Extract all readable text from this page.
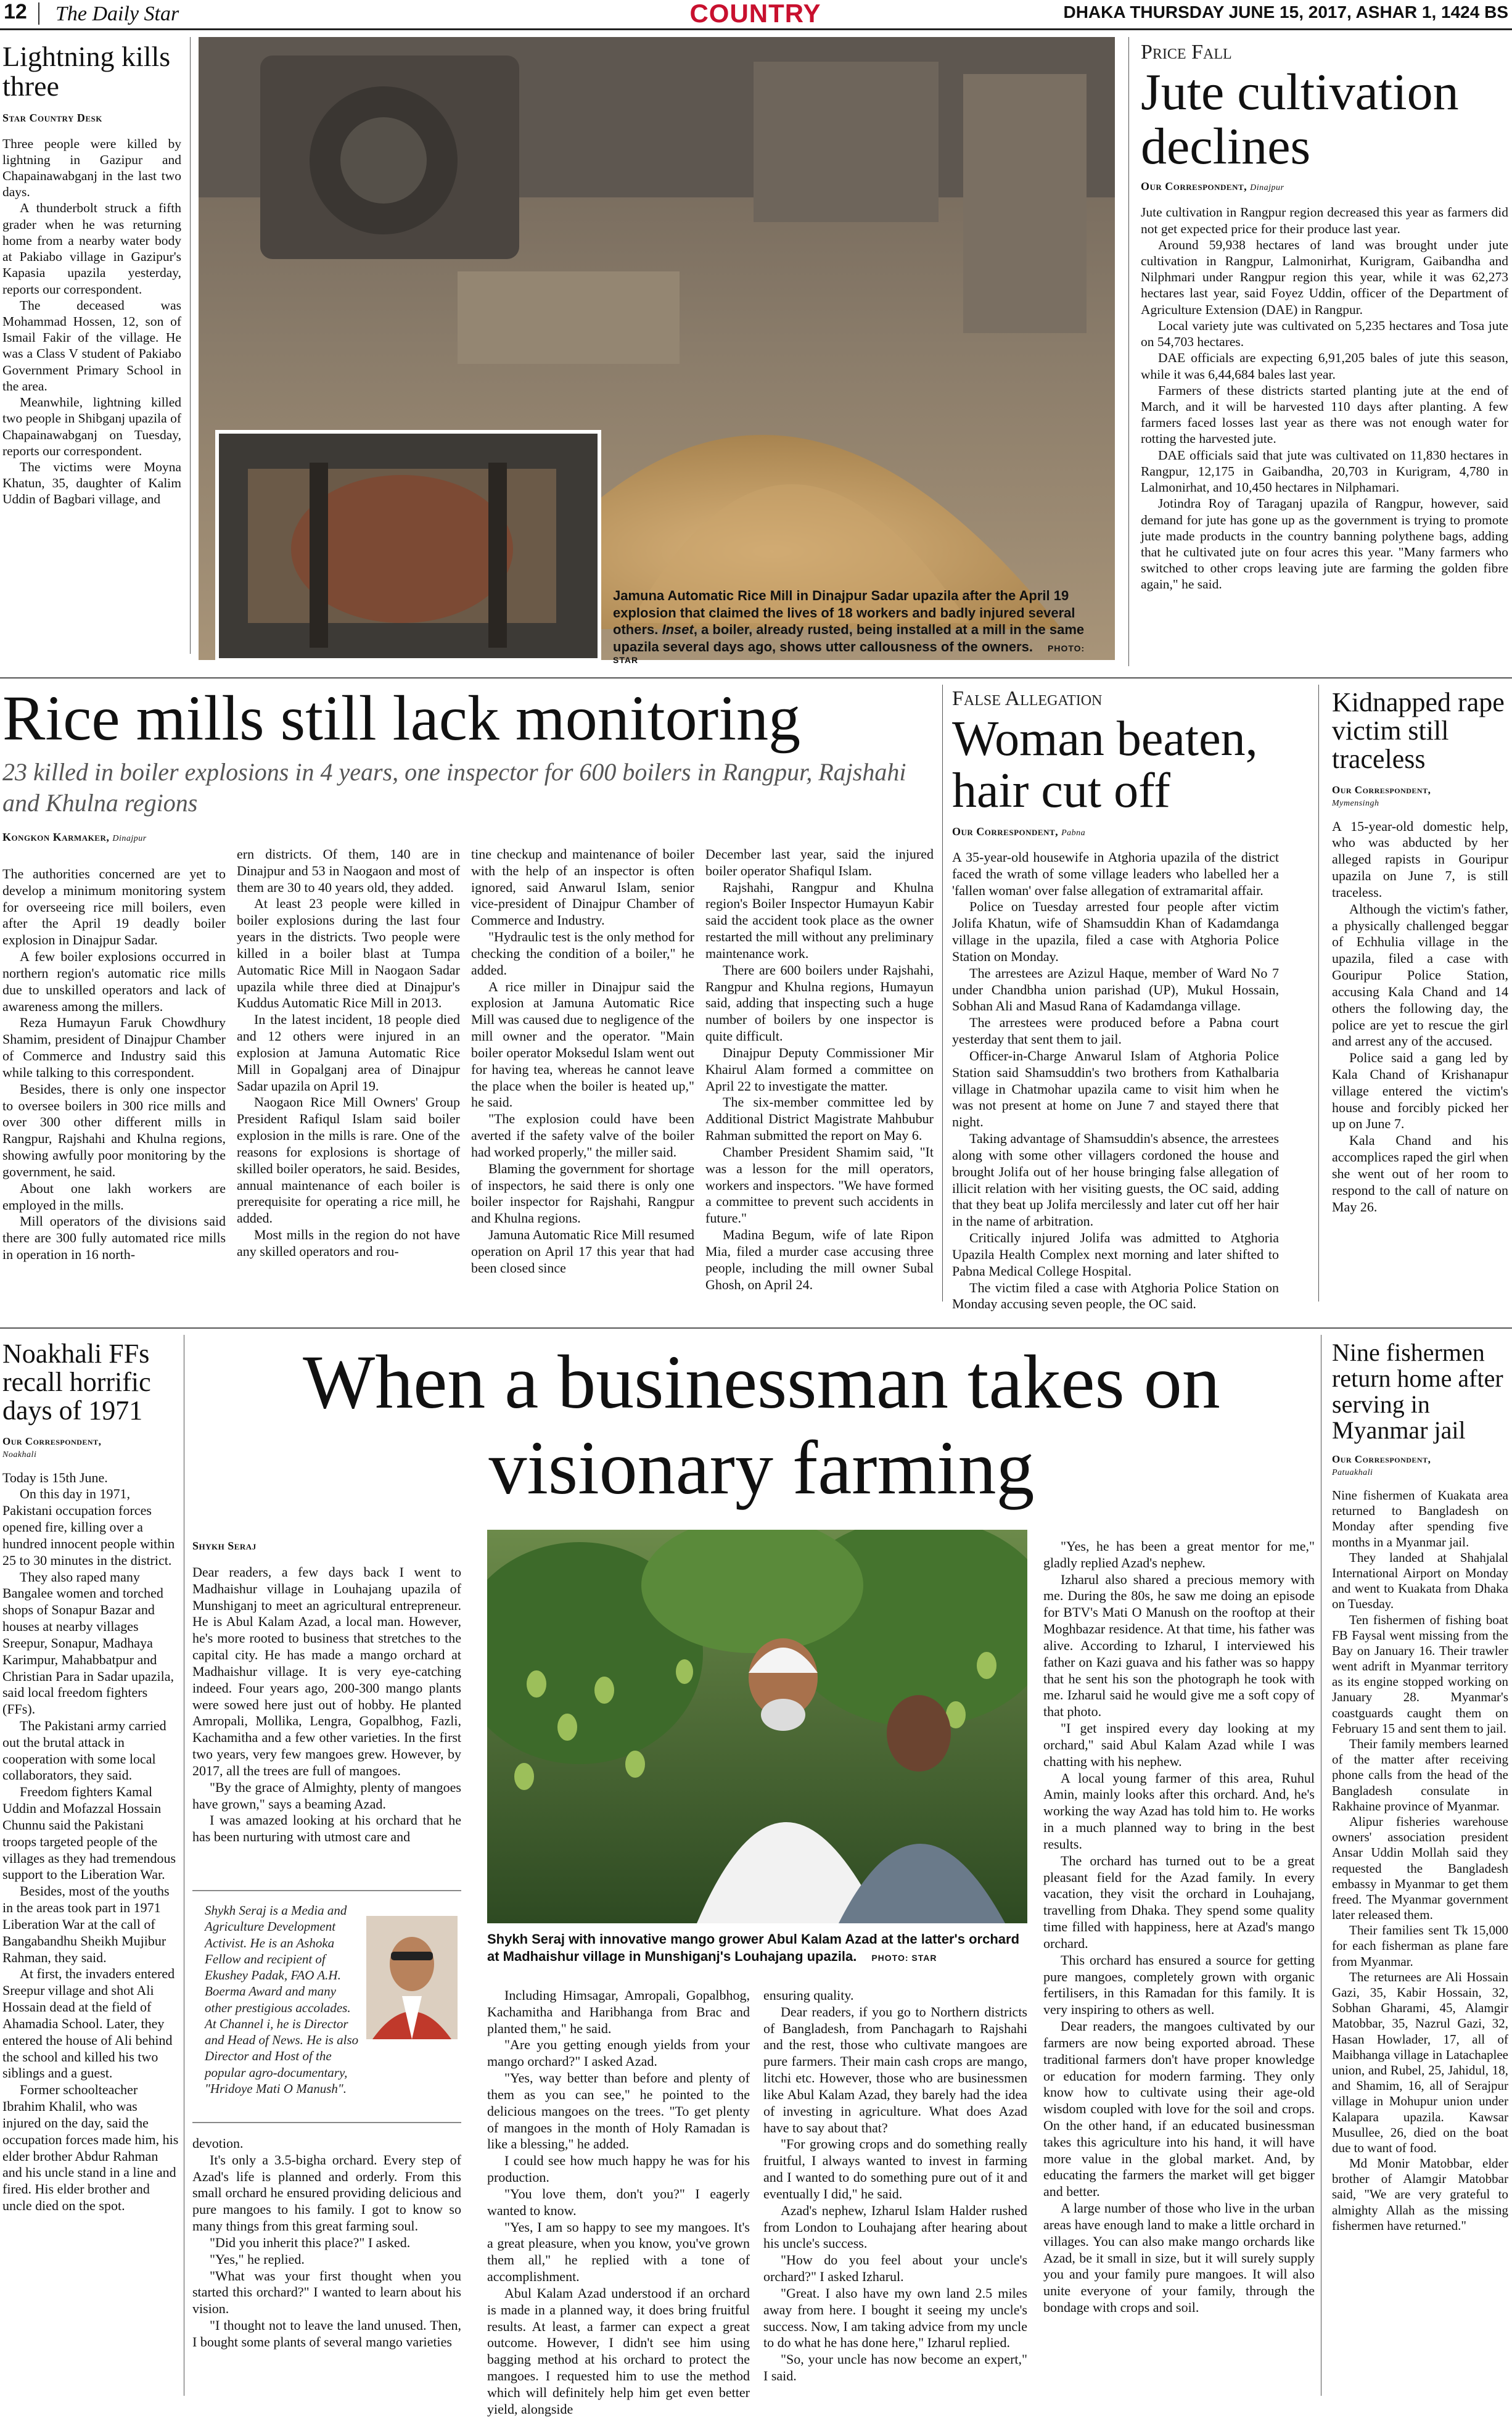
12 The Daily Star	COUNTRY	DHAKA THURSDAY JUNE 15, 2017, ASHAR 1, 1424 BS
Lightning kills three
Star Country Desk

Three people were killed by lightning in Gazipur and Chapainawabganj in the last two days.

A thunderbolt struck a fifth grader when he was returning home from a nearby water body at Pakiabo village in Gazipur's Kapasia upazila yesterday, reports our correspondent.

The deceased was Mohammad Hossen, 12, son of Ismail Fakir of the village. He was a Class V student of Pakiabo Government Primary School in the area.

Meanwhile, lightning killed two people in Shibganj upazila of Chapainawabganj on Tuesday, reports our correspondent.

The victims were Moyna Khatun, 35, daughter of Kalim Uddin of Bagbari village, and

Jamuna Automatic Rice Mill in Dinajpur Sadar upazila after the April 19 explosion that claimed the lives of 18 workers and badly injured several others. Inset, a boiler, already rusted, being installed at a mill in the same upazila several days ago, shows utter callousness of the owners. PHOTO: STAR
Price Fall
Jute cultivation declines
Our Correspondent, Dinajpur

Jute cultivation in Rangpur region decreased this year as farmers did not get expected price for their produce last year.

Around 59,938 hectares of land was brought under jute cultivation in Rangpur, Lalmonirhat, Kurigram, Gaibandha and Nilphmari under Rangpur region this year, while it was 62,273 hectares last year, said Foyez Uddin, officer of the Department of Agriculture Extension (DAE) in Rangpur.

Local variety jute was cultivated on 5,235 hectares and Tosa jute on 54,703 hectares.

DAE officials are expecting 6,91,205 bales of jute this season, while it was 6,44,684 bales last year.

Farmers of these districts started planting jute at the end of March, and it will be harvested 110 days after planting. A few farmers faced losses last year as there was not enough water for rotting the harvested jute.

DAE officials said that jute was cultivated on 11,830 hectares in Rangpur, 12,175 in Gaibandha, 20,703 in Kurigram, 4,780 in Lalmonirhat, and 10,450 hectares in Nilphamari.

Jotindra Roy of Taraganj upazila of Rangpur, however, said demand for jute has gone up as the government is trying to promote jute made products in the country banning polythene bags, adding that he cultivated jute on four acres this year. "Many farmers who switched to other crops leaving jute are farming the golden fibre again," he said.

Rice mills still lack monitoring
23 killed in boiler explosions in 4 years, one inspector for 600 boilers in Rangpur, Rajshahi and Khulna regions
Kongkon Karmaker, Dinajpur

The authorities concerned are yet to develop a minimum monitoring system for overseeing rice mill boilers, even after the April 19 deadly boiler explosion in Dinajpur Sadar.

A few boiler explosions occurred in northern region's automatic rice mills due to unskilled operators and lack of awareness among the millers.

Reza Humayun Faruk Chowdhury Shamim, president of Dinajpur Chamber of Commerce and Industry said this while talking to this correspondent.

Besides, there is only one inspector to oversee boilers in 300 rice mills and over 300 other different mills in Rangpur, Rajshahi and Khulna regions, showing awfully poor monitoring by the government, he said.

About one lakh workers are employed in the mills.

Mill operators of the divisions said there are 300 fully automated rice mills in operation in 16 north-

ern districts. Of them, 140 are in Dinajpur and 53 in Naogaon and most of them are 30 to 40 years old, they added.

At least 23 people were killed in boiler explosions during the last four years in the districts. Two people were killed in a boiler blast at Tumpa Automatic Rice Mill in Naogaon Sadar upazila while three died at Dinajpur's Kuddus Automatic Rice Mill in 2013.

In the latest incident, 18 people died and 12 others were injured in an explosion at Jamuna Automatic Rice Mill in Gopalganj area of Dinajpur Sadar upazila on April 19.

Naogaon Rice Mill Owners' Group President Rafiqul Islam said boiler explosion in the mills is rare. One of the reasons for explosions is shortage of skilled boiler operators, he said. Besides, annual maintenance of each boiler is prerequisite for operating a rice mill, he added.

Most mills in the region do not have any skilled operators and rou-

tine checkup and maintenance of boiler with the help of an inspector is often ignored, said Anwarul Islam, senior vice-president of Dinajpur Chamber of Commerce and Industry.

"Hydraulic test is the only method for checking the condition of a boiler," he added.

A rice miller in Dinajpur said the explosion at Jamuna Automatic Rice Mill was caused due to negligence of the mill owner and the operator. "Main boiler operator Moksedul Islam went out for having tea, whereas he cannot leave the place when the boiler is heated up," he said.

"The explosion could have been averted if the safety valve of the boiler had worked properly," the miller said.

Blaming the government for shortage of inspectors, he said there is only one boiler inspector for Rajshahi, Rangpur and Khulna regions.

Jamuna Automatic Rice Mill resumed operation on April 17 this year that had been closed since

December last year, said the injured boiler operator Shafiqul Islam.

Rajshahi, Rangpur and Khulna region's Boiler Inspector Humayun Kabir said the accident took place as the owner restarted the mill without any preliminary maintenance work.

There are 600 boilers under Rajshahi, Rangpur and Khulna regions, Humayun said, adding that inspecting such a huge number of boilers by one inspector is quite difficult.

Dinajpur Deputy Commissioner Mir Khairul Alam formed a committee on April 22 to investigate the matter.

The six-member committee led by Additional District Magistrate Mahbubur Rahman submitted the report on May 6.

Chamber President Shamim said, "It was a lesson for the mill operators, workers and inspectors. "We have formed a committee to prevent such accidents in future."

Madina Begum, wife of late Ripon Mia, filed a murder case accusing three people, including the mill owner Subal Ghosh, on April 24.

False Allegation
Woman beaten, hair cut off
Our Correspondent, Pabna

A 35-year-old housewife in Atghoria upazila of the district faced the wrath of some village leaders who labelled her a 'fallen woman' over false allegation of extramarital affair.

Police on Tuesday arrested four people after victim Jolifa Khatun, wife of Shamsuddin Khan of Kadamdanga village in the upazila, filed a case with Atghoria Police Station on Monday.

The arrestees are Azizul Haque, member of Ward No 7 under Chandbha union parishad (UP), Mukul Hossain, Sobhan Ali and Masud Rana of Kadamdanga village.

The arrestees were produced before a Pabna court yesterday that sent them to jail.

Officer-in-Charge Anwarul Islam of Atghoria Police Station said Shamsuddin's two brothers from Kathalbaria village in Chatmohar upazila came to visit him when he was not present at home on June 7 and stayed there that night.

Taking advantage of Shamsuddin's absence, the arrestees along with some other villagers cordoned the house and brought Jolifa out of her house bringing false allegation of illicit relation with her visiting guests, the OC said, adding that they beat up Jolifa mercilessly and later cut off her hair in the name of arbitration.

Critically injured Jolifa was admitted to Atghoria Upazila Health Complex next morning and later shifted to Pabna Medical College Hospital.

The victim filed a case with Atghoria Police Station on Monday accusing seven people, the OC said.

Kidnapped rape victim still traceless
Our Correspondent,
Mymensingh

A 15-year-old domestic help, who was abducted by her alleged rapists in Gouripur upazila on June 7, is still traceless.

Although the victim's father, a physically challenged beggar of Echhulia village in the upazila, filed a case with Gouripur Police Station, accusing Kala Chand and 14 others the following day, the police are yet to rescue the girl and arrest any of the accused.

Police said a gang led by Kala Chand of Krishanapur village entered the victim's house and forcibly picked her up on June 7.

Kala Chand and his accomplices raped the girl when she went out of her room to respond to the call of nature on May 26.

Noakhali FFs recall horrific days of 1971
Our Correspondent,
Noakhali

Today is 15th June.

On this day in 1971, Pakistani occupation forces opened fire, killing over a hundred innocent people within 25 to 30 minutes in the district.

They also raped many Bangalee women and torched shops of Sonapur Bazar and houses at nearby villages Sreepur, Sonapur, Madhaya Karimpur, Mahabbatpur and Christian Para in Sadar upazila, said local freedom fighters (FFs).

The Pakistani army carried out the brutal attack in cooperation with some local collaborators, they said.

Freedom fighters Kamal Uddin and Mofazzal Hossain Chunnu said the Pakistani troops targeted people of the villages as they had tremendous support to the Liberation War.

Besides, most of the youths in the areas took part in 1971 Liberation War at the call of Bangabandhu Sheikh Mujibur Rahman, they said.

At first, the invaders entered Sreepur village and shot Ali Hossain dead at the field of Ahamadia School. Later, they entered the house of Ali behind the school and killed his two siblings and a guest.

Former schoolteacher Ibrahim Khalil, who was injured on the day, said the occupation forces made him, his elder brother Abdur Rahman and his uncle stand in a line and fired. His elder brother and uncle died on the spot.

When a businessman takes on visionary farming
Shykh Seraj

Dear readers, a few days back I went to Madhaishur village in Louhajang upazila of Munshiganj to meet an agricultural entrepreneur. He is Abul Kalam Azad, a local man. However, he's more rooted to business that stretches to the capital city. He has made a mango orchard at Madhaishur village. It is very eye-catching indeed. Four years ago, 200-300 mango plants were sowed here just out of hobby. He planted Amropali, Mollika, Lengra, Gopalbhog, Fazli, Kachamitha and a few other varieties. In the first two years, very few mangoes grew. However, by 2017, all the trees are full of mangoes.

"By the grace of Almighty, plenty of mangoes have grown," says a beaming Azad.

I was amazed looking at his orchard that he has been nurturing with utmost care and

Shykh Seraj is a Media and Agriculture Development Activist. He is an Ashoka Fellow and recipient of Ekushey Padak, FAO A.H. Boerma Award and many other prestigious accolades. At Channel i, he is Director and Head of News. He is also Director and Host of the popular agro-documentary, "Hridoye Mati O Manush".

devotion.

It's only a 3.5-bigha orchard. Every step of Azad's life is planned and orderly. From this small orchard he ensured providing delicious and pure mangoes to his family. I got to know so many things from this great farming soul.

"Did you inherit this place?" I asked.

"Yes," he replied.

"What was your first thought when you started this orchard?" I wanted to learn about his vision.

"I thought not to leave the land unused. Then, I bought some plants of several mango varieties

Shykh Seraj with innovative mango grower Abul Kalam Azad at the latter's orchard at Madhaishur village in Munshiganj's Louhajang upazila. PHOTO: STAR

Including Himsagar, Amropali, Gopalbhog, Kachamitha and Haribhanga from Brac and planted them," he said.

"Are you getting enough yields from your mango orchard?" I asked Azad.

"Yes, way better than before and plenty of them as you can see," he pointed to the delicious mangoes on the trees. "To get plenty of mangoes in the month of Holy Ramadan is like a blessing," he added.

I could see how much happy he was for his production.

"You love them, don't you?" I eagerly wanted to know.

"Yes, I am so happy to see my mangoes. It's a great pleasure, when you know, you've grown them all," he replied with a tone of accomplishment.

Abul Kalam Azad understood if an orchard is made in a planned way, it does bring fruitful results. At least, a farmer can expect a great outcome. However, I didn't see him using bagging method at his orchard to protect the mangoes. I requested him to use the method which will definitely help him get even better yield, alongside

ensuring quality.

Dear readers, if you go to Northern districts of Bangladesh, from Panchagarh to Rajshahi and the rest, those who cultivate mangoes are pure farmers. Their main cash crops are mango, litchi etc. However, those who are businessmen like Abul Kalam Azad, they barely had the idea of investing in agriculture. What does Azad have to say about that?

"For growing crops and do something really fruitful, I always wanted to invest in farming and I wanted to do something pure out of it and eventually I did," he said.

Azad's nephew, Izharul Islam Halder rushed from London to Louhajang after hearing about his uncle's success.

"How do you feel about your uncle's orchard?" I asked Izharul.

"Great. I also have my own land 2.5 miles away from here. I bought it seeing my uncle's success. Now, I am taking advice from my uncle to do what he has done here," Izharul replied.

"So, your uncle has now become an expert," I said.

"Yes, he has been a great mentor for me," gladly replied Azad's nephew.

Izharul also shared a precious memory with me. During the 80s, he saw me doing an episode for BTV's Mati O Manush on the rooftop at their Moghbazar residence. At that time, his father was alive. According to Izharul, I interviewed his father on Kazi guava and his father was so happy that he sent his son the photograph he took with me. Izharul said he would give me a soft copy of that photo.

"I get inspired every day looking at my orchard," said Abul Kalam Azad while I was chatting with his nephew.

A local young farmer of this area, Ruhul Amin, mainly looks after this orchard. And, he's working the way Azad has told him to. He works in a much planned way to bring in the best results.

The orchard has turned out to be a great pleasant field for the Azad family. In every vacation, they visit the orchard in Louhajang, travelling from Dhaka. They spend some quality time filled with happiness, here at Azad's mango orchard.

This orchard has ensured a source for getting pure mangoes, completely grown with organic fertilisers, in this Ramadan for this family. It is very inspiring to others as well.

Dear readers, the mangoes cultivated by our farmers are now being exported abroad. These traditional farmers don't have proper knowledge or education for modern farming. They only know how to cultivate using their age-old wisdom coupled with love for the soil and crops. On the other hand, if an educated businessman takes this agriculture into his hand, it will have more value in the global market. And, by educating the farmers the market will get bigger and better.

A large number of those who live in the urban areas have enough land to make a little orchard in villages. You can also make mango orchards like Azad, be it small in size, but it will surely supply you and your family pure mangoes. It will also unite everyone of your family, through the bondage with crops and soil.

Nine fishermen return home after serving in Myanmar jail
Our Correspondent,
Patuakhali

Nine fishermen of Kuakata area returned to Bangladesh on Monday after spending five months in a Myanmar jail.

They landed at Shahjalal International Airport on Monday and went to Kuakata from Dhaka on Tuesday.

Ten fishermen of fishing boat FB Faysal went missing from the Bay on January 16. Their trawler went adrift in Myanmar territory as its engine stopped working on January 28. Myanmar's coastguards caught them on February 15 and sent them to jail.

Their family members learned of the matter after receiving phone calls from the head of the Bangladesh consulate in Rakhaine province of Myanmar.

Alipur fisheries warehouse owners' association president Ansar Uddin Mollah said they requested the Bangladesh embassy in Myanmar to get them freed. The Myanmar government later released them.

Their families sent Tk 15,000 for each fisherman as plane fare from Myanmar.

The returnees are Ali Hossain Gazi, 35, Kabir Hossain, 32, Sobhan Gharami, 45, Alamgir Matobbar, 35, Nazrul Gazi, 32, Hasan Howlader, 17, all of Maibhanga village in Latachaplee union, and Rubel, 25, Jahidul, 18, and Shamim, 16, all of Serajpur village in Mohupur union under Kalapara upazila. Kawsar Musullee, 26, died on the boat due to want of food.

Md Monir Matobbar, elder brother of Alamgir Matobbar said, "We are very grateful to almighty Allah as the missing fishermen have returned."
